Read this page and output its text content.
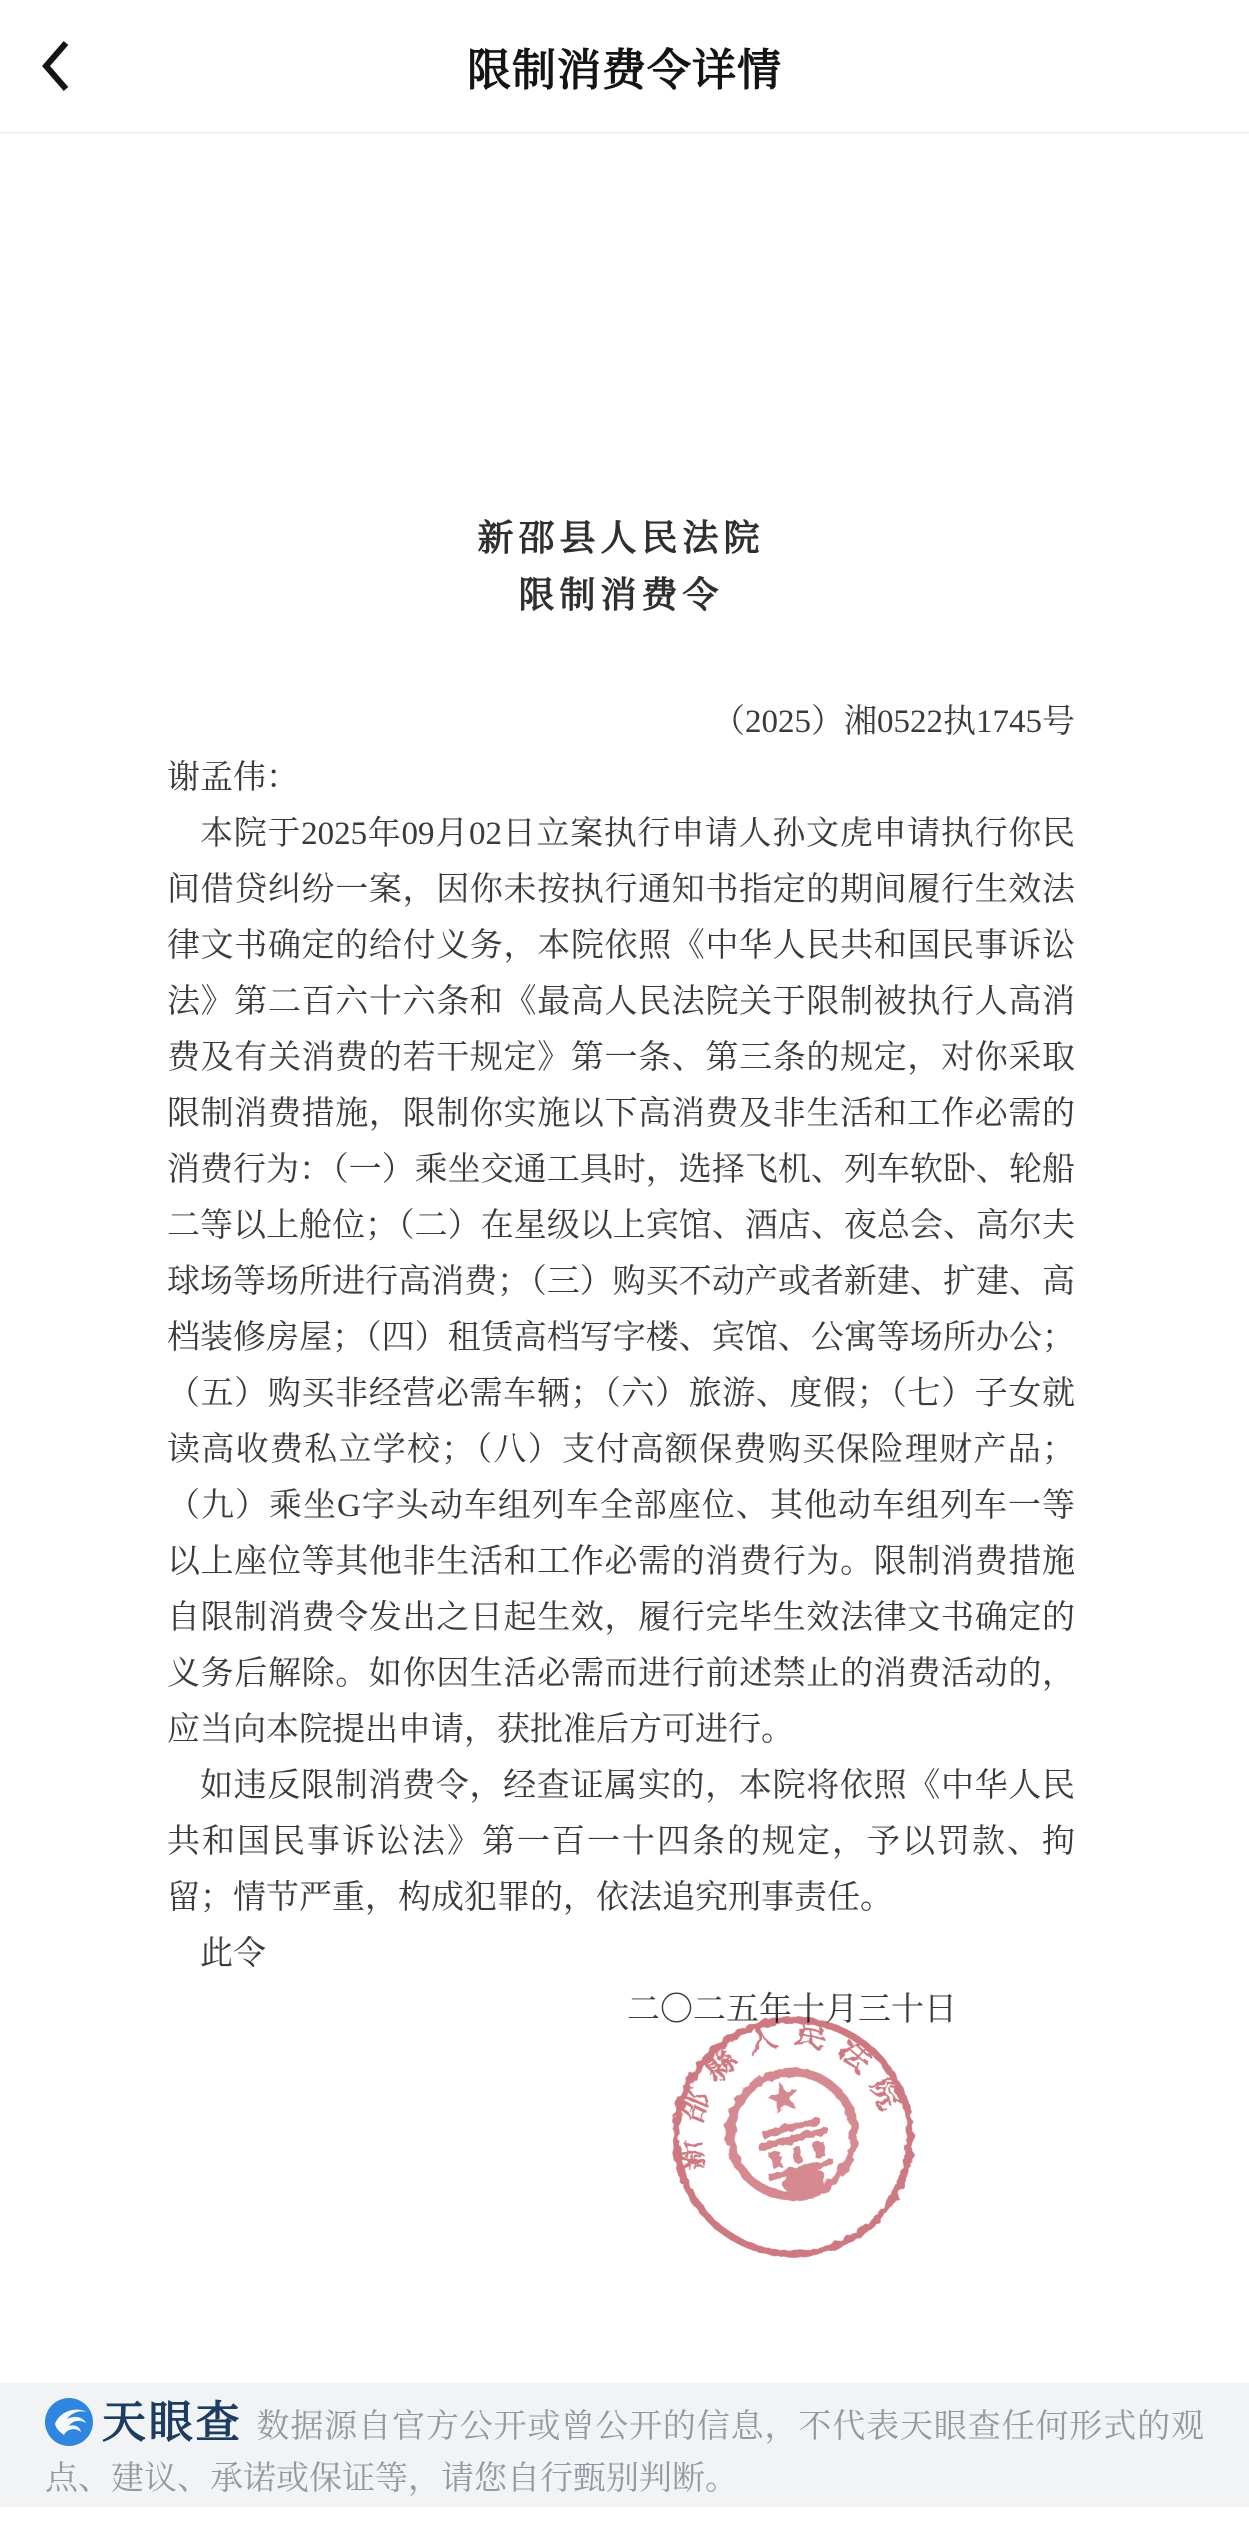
限制消费令详情
新邵县人民法院
限制消费令
（2025）湘0522执1745号
谢孟伟：

本院于2025年09月02日立案执行申请人孙文虎申请执行你民间借贷纠纷一案，因你未按执行通知书指定的期间履行生效法律文书确定的给付义务，本院依照《中华人民共和国民事诉讼法》第二百六十六条和《最高人民法院关于限制被执行人高消费及有关消费的若干规定》第一条、第三条的规定，对你采取限制消费措施，限制你实施以下高消费及非生活和工作必需的消费行为：（一）乘坐交通工具时，选择飞机、列车软卧、轮船二等以上舱位；（二）在星级以上宾馆、酒店、夜总会、高尔夫球场等场所进行高消费；（三）购买不动产或者新建、扩建、高档装修房屋；（四）租赁高档写字楼、宾馆、公寓等场所办公；（五）购买非经营必需车辆；（六）旅游、度假；（七）子女就读高收费私立学校；（八）支付高额保费购买保险理财产品；（九）乘坐G字头动车组列车全部座位、其他动车组列车一等以上座位等其他非生活和工作必需的消费行为。限制消费措施自限制消费令发出之日起生效，履行完毕生效法律文书确定的义务后解除。如你因生活必需而进行前述禁止的消费活动的，应当向本院提出申请，获批准后方可进行。

如违反限制消费令，经查证属实的，本院将依照《中华人民共和国民事诉讼法》第一百一十四条的规定，予以罚款、拘留；情节严重，构成犯罪的，依法追究刑事责任。

此令

二〇二五年十月三十日

新邵縣人民法院

天眼查 数据源自官方公开或曾公开的信息，不代表天眼查任何形式的观点、建议、承诺或保证等，请您自行甄别判断。
